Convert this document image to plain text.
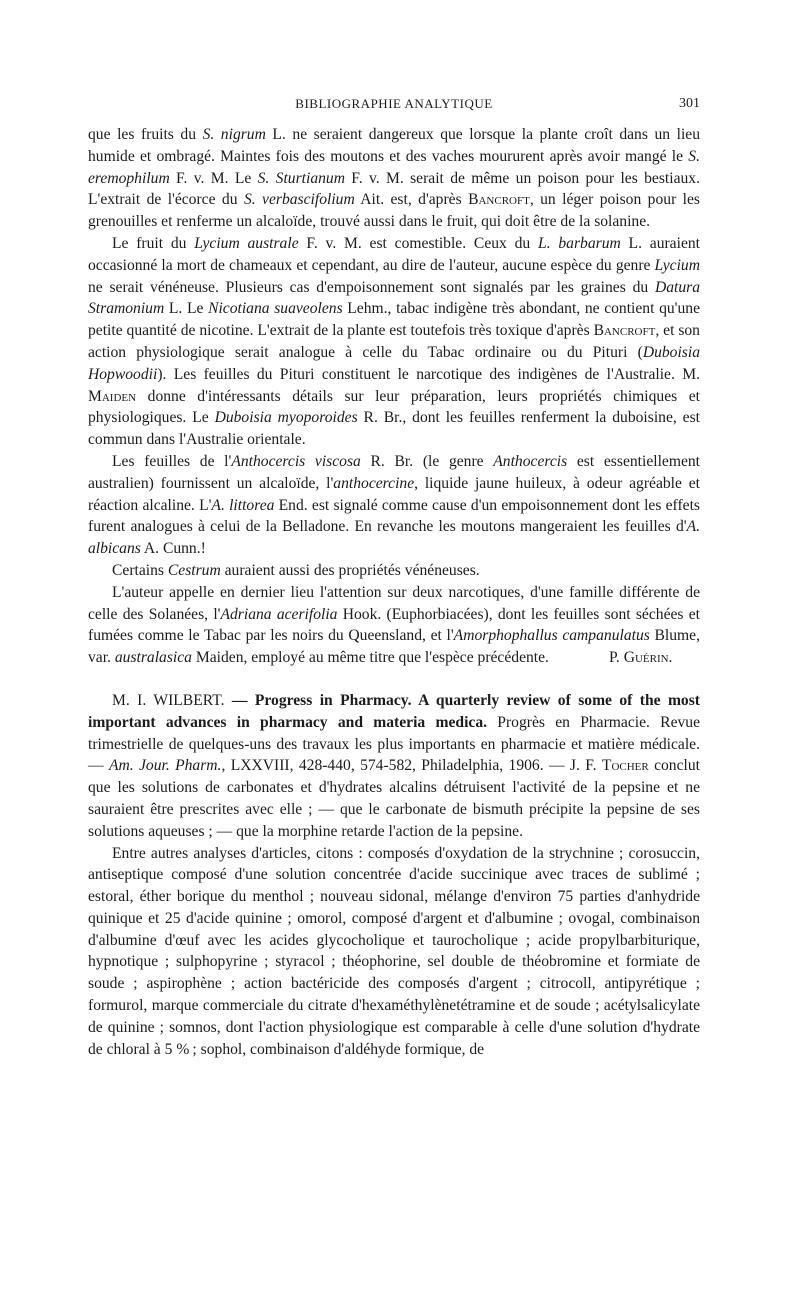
BIBLIOGRAPHIE ANALYTIQUE	301

que les fruits du S. nigrum L. ne seraient dangereux que lorsque la plante croît dans un lieu humide et ombragé. Maintes fois des moutons et des vaches moururent après avoir mangé le S. eremophilum F. v. M. Le S. Sturtianum F. v. M. serait de même un poison pour les bestiaux. L'extrait de l'écorce du S. verbascifolium Ait. est, d'après Bancroft, un léger poison pour les grenouilles et renferme un alcaloïde, trouvé aussi dans le fruit, qui doit être de la solanine.

Le fruit du Lycium australe F. v. M. est comestible. Ceux du L. barbarum L. auraient occasionné la mort de chameaux et cependant, au dire de l'auteur, aucune espèce du genre Lycium ne serait vénéneuse. Plusieurs cas d'empoisonnement sont signalés par les graines du Datura Stramonium L. Le Nicotiana suaveolens Lehm., tabac indigène très abondant, ne contient qu'une petite quantité de nicotine. L'extrait de la plante est toutefois très toxique d'après Bancroft, et son action physiologique serait analogue à celle du Tabac ordinaire ou du Pituri (Duboisia Hopwoodii). Les feuilles du Pituri constituent le narcotique des indigènes de l'Australie. M. Maiden donne d'intéressants détails sur leur préparation, leurs propriétés chimiques et physiologiques. Le Duboisia myoporoides R. Br., dont les feuilles renferment la duboisine, est commun dans l'Australie orientale.

Les feuilles de l'Anthocercis viscosa R. Br. (le genre Anthocercis est essentiellement australien) fournissent un alcaloïde, l'anthocercine, liquide jaune huileux, à odeur agréable et réaction alcaline. L'A. littorea End. est signalé comme cause d'un empoisonnement dont les effets furent analogues à celui de la Belladone. En revanche les moutons mangeraient les feuilles d'A. albicans A. Cunn.!

Certains Cestrum auraient aussi des propriétés vénéneuses.

L'auteur appelle en dernier lieu l'attention sur deux narcotiques, d'une famille différente de celle des Solanées, l'Adriana acerifolia Hook. (Euphorbiacées), dont les feuilles sont séchées et fumées comme le Tabac par les noirs du Queensland, et l'Amorphophallus campanulatus Blume, var. australasica Maiden, employé au même titre que l'espèce précédente.	P. Guérin.

M. I. WILBERT. — Progress in Pharmacy. A quarterly review of some of the most important advances in pharmacy and materia medica. Progrès en Pharmacie. Revue trimestrielle de quelques-uns des travaux les plus importants en pharmacie et matière médicale. — Am. Jour. Pharm., LXXVIII, 428-440, 574-582, Philadelphia, 1906. — J. F. Tocher conclut que les solutions de carbonates et d'hydrates alcalins détruisent l'activité de la pepsine et ne sauraient être prescrites avec elle ; — que le carbonate de bismuth précipite la pepsine de ses solutions aqueuses ; — que la morphine retarde l'action de la pepsine.

Entre autres analyses d'articles, citons : composés d'oxydation de la strychnine ; corosuccin, antiseptique composé d'une solution concentrée d'acide succinique avec traces de sublimé ; estoral, éther borique du menthol ; nouveau sidonal, mélange d'environ 75 parties d'anhydride quinique et 25 d'acide quinine ; omorol, composé d'argent et d'albumine ; ovogal, combinaison d'albumine d'œuf avec les acides glycocholique et taurocholique ; acide propylbarbiturique, hypnotique ; sulphopyrine ; styracol ; théophorine, sel double de théobromine et formiate de soude ; aspirophène ; action bactéricide des composés d'argent ; citrocoll, antipyrétique ; formurol, marque commerciale du citrate d'hexaméthylènetétramine et de soude ; acétylsalicylate de quinine ; somnos, dont l'action physiologique est comparable à celle d'une solution d'hydrate de chloral à 5 % ; sophol, combinaison d'aldéhyde formique, de
